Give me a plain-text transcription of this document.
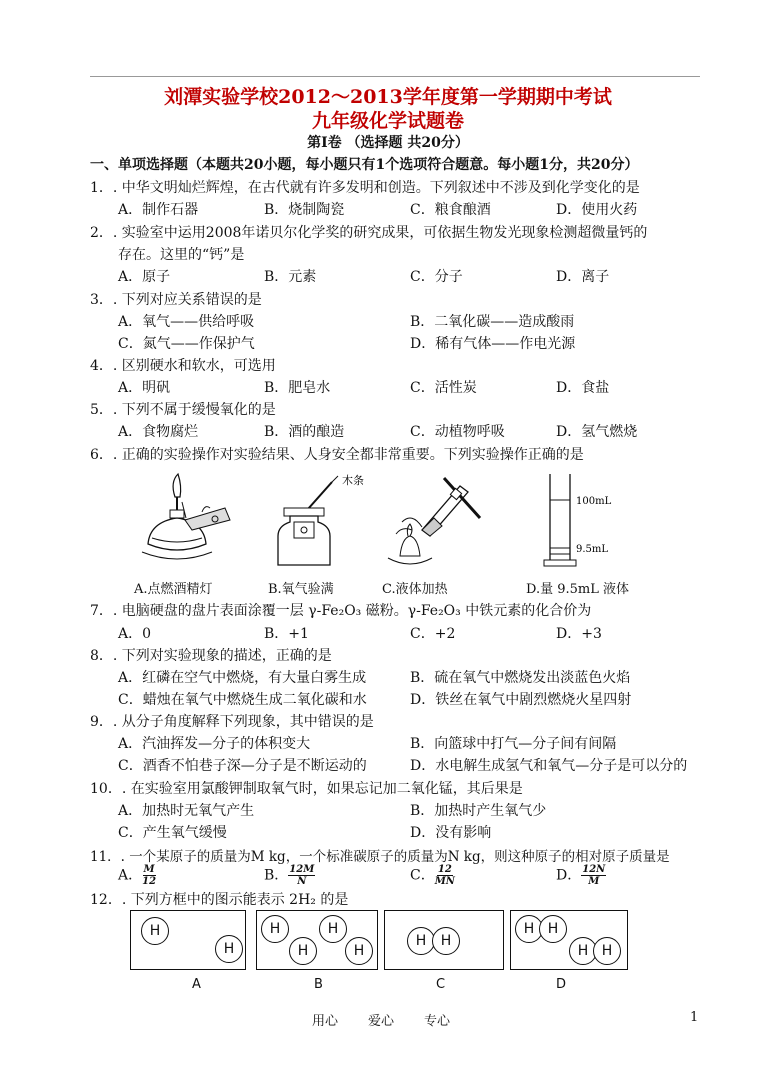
刘潭实验学校2012～2013学年度第一学期期中考试
九年级化学试题卷
第Ⅰ卷 （选择题 共20分）
一、单项选择题（本题共20小题，每小题只有1个选项符合题意。每小题1分，共20分）
1．. 中华文明灿烂辉煌，在古代就有许多发明和创造。下列叙述中不涉及到化学变化的是
A．制作石器	B．烧制陶瓷	C．粮食酿酒	D．使用火药
2．. 实验室中运用2008年诺贝尔化学奖的研究成果，可依据生物发光现象检测超微量钙的
存在。这里的“钙”是
A．原子	B．元素	C．分子	D．离子
3．. 下列对应关系错误的是
A．氧气——供给呼吸	B．二氧化碳——造成酸雨
C．氮气——作保护气	D．稀有气体——作电光源
4．. 区别硬水和软水，可选用
A．明矾	B．肥皂水	C．活性炭	D．食盐
5．. 下列不属于缓慢氧化的是
A．食物腐烂	B．酒的酿造	C．动植物呼吸	D．氢气燃烧
6．. 正确的实验操作对实验结果、人身安全都非常重要。下列实验操作正确的是
木条
100mL
9.5mL
A.点燃酒精灯	B.氧气验满	C.液体加热	D.量 9.5mL 液体
7．. 电脑硬盘的盘片表面涂覆一层 γ-Fe₂O₃ 磁粉。γ-Fe₂O₃ 中铁元素的化合价为
A．0	B．+1	C．+2	D．+3
8．. 下列对实验现象的描述，正确的是
A．红磷在空气中燃烧，有大量白雾生成	B．硫在氧气中燃烧发出淡蓝色火焰
C．蜡烛在氧气中燃烧生成二氧化碳和水	D．铁丝在氧气中剧烈燃烧火星四射
9．. 从分子角度解释下列现象，其中错误的是
A．汽油挥发—分子的体积变大	B．向篮球中打气—分子间有间隔
C．酒香不怕巷子深—分子是不断运动的	D．水电解生成氢气和氧气—分子是可以分的
10．. 在实验室用氯酸钾制取氧气时，如果忘记加二氧化锰，其后果是
A．加热时无氧气产生	B．加热时产生氧气少
C．产生氧气缓慢	D．没有影响
11．. 一个某原子的质量为M kg，一个标准碳原子的质量为N kg，则这种原子的相对原子质量是
A． $\frac{M}{12}$	B． $\frac{12M}{N}$	C． $\frac{12}{MN}$	D． $\frac{12N}{M}$
12．. 下列方框中的图示能表示 2H₂ 的是
H
H
H	H
H	H
H	H
H H
H H
A	B	C	D
用心 爱心 专心	1
